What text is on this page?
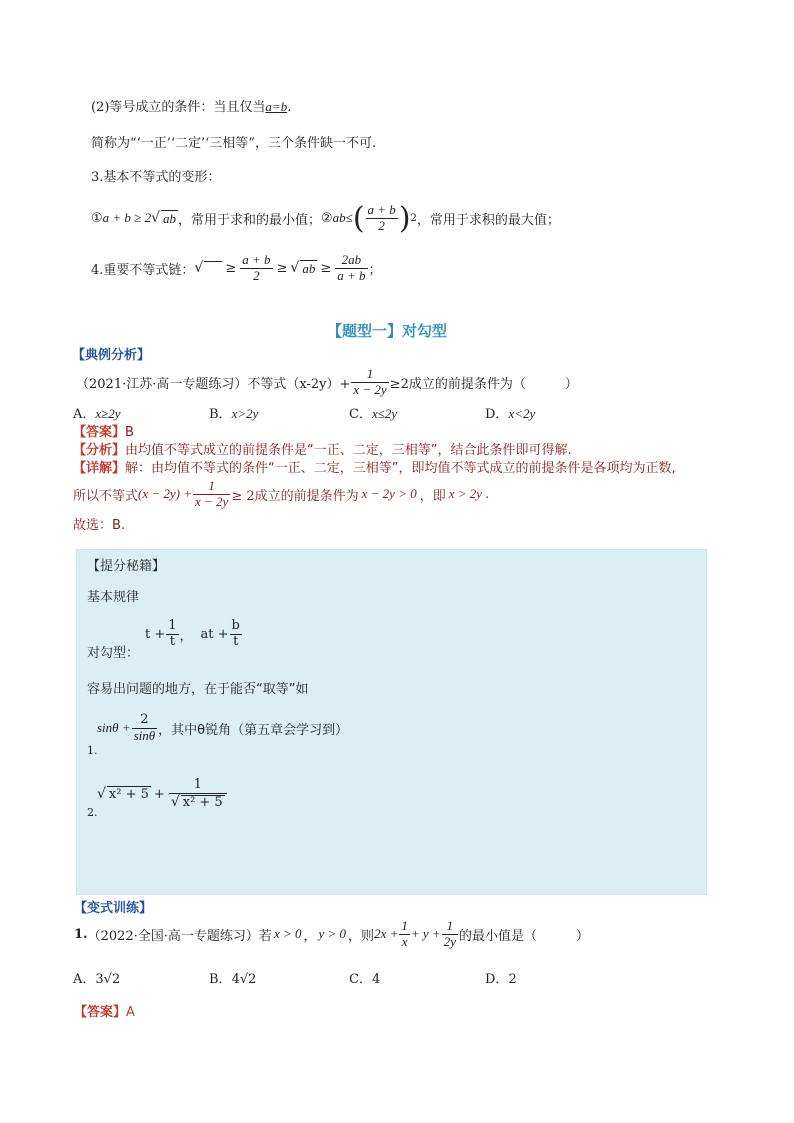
(2)等号成立的条件：当且仅当a=b.
简称为“‘一正’‘二定’‘三相等”，三个条件缺一不可.
3.基本不等式的变形：
① a + b ≥ 2 √ ab ，常用于求和的最小值； ② ab≤ ( $\frac{a + b}{2}$ ) 2 ，常用于求积的最大值；
4.重要不等式链： √ ≥ $\frac{a + b}{2}$ ≥ √ ab ≥ $\frac{2ab}{a + b}$ ；
【题型一】对勾型
【典例分析】
（2021·江苏·高一专题练习）不等式$(x-2y)+ \frac{1}{x - 2y} \ge 2$成立的前提条件为（　　　）
A．x≥2y	B．x>2y	C．x≤2y	D．x<2y
【答案】B
【分析】由均值不等式成立的前提条件是“一正、二定，三相等”，结合此条件即可得解.
【详解】解：由均值不等式的条件“一正、二定，三相等”，即均值不等式成立的前提条件是各项均为正数,
所以不等式 $(x - 2y) + \frac{1}{x - 2y} \ge 2$成立的前提条件为 x − 2y > 0 ，即 x > 2y .
故选：B.
【提分秘籍】
基本规律
对勾型：
$t + \frac{1}{t}$ ， at + $\frac{b}{t}$
容易出问题的地方，在于能否“取等”如
1.
$\sin\theta + \frac{2}{\sin\theta}$ ，其中θ锐角（第五章会学习到）
2.
√ $x^2 + 5 + \frac{1}{\text{√ x² + 5}}$
【变式训练】
1. （2022·全国·高一专题练习）若 x > 0 ， y > 0 ，则 $2x + \frac{1}{x} + y + \frac{1}{2y}$ 的最小值是（　　　）
A．3√2	B．4√2	C．4	D．2
【答案】A
